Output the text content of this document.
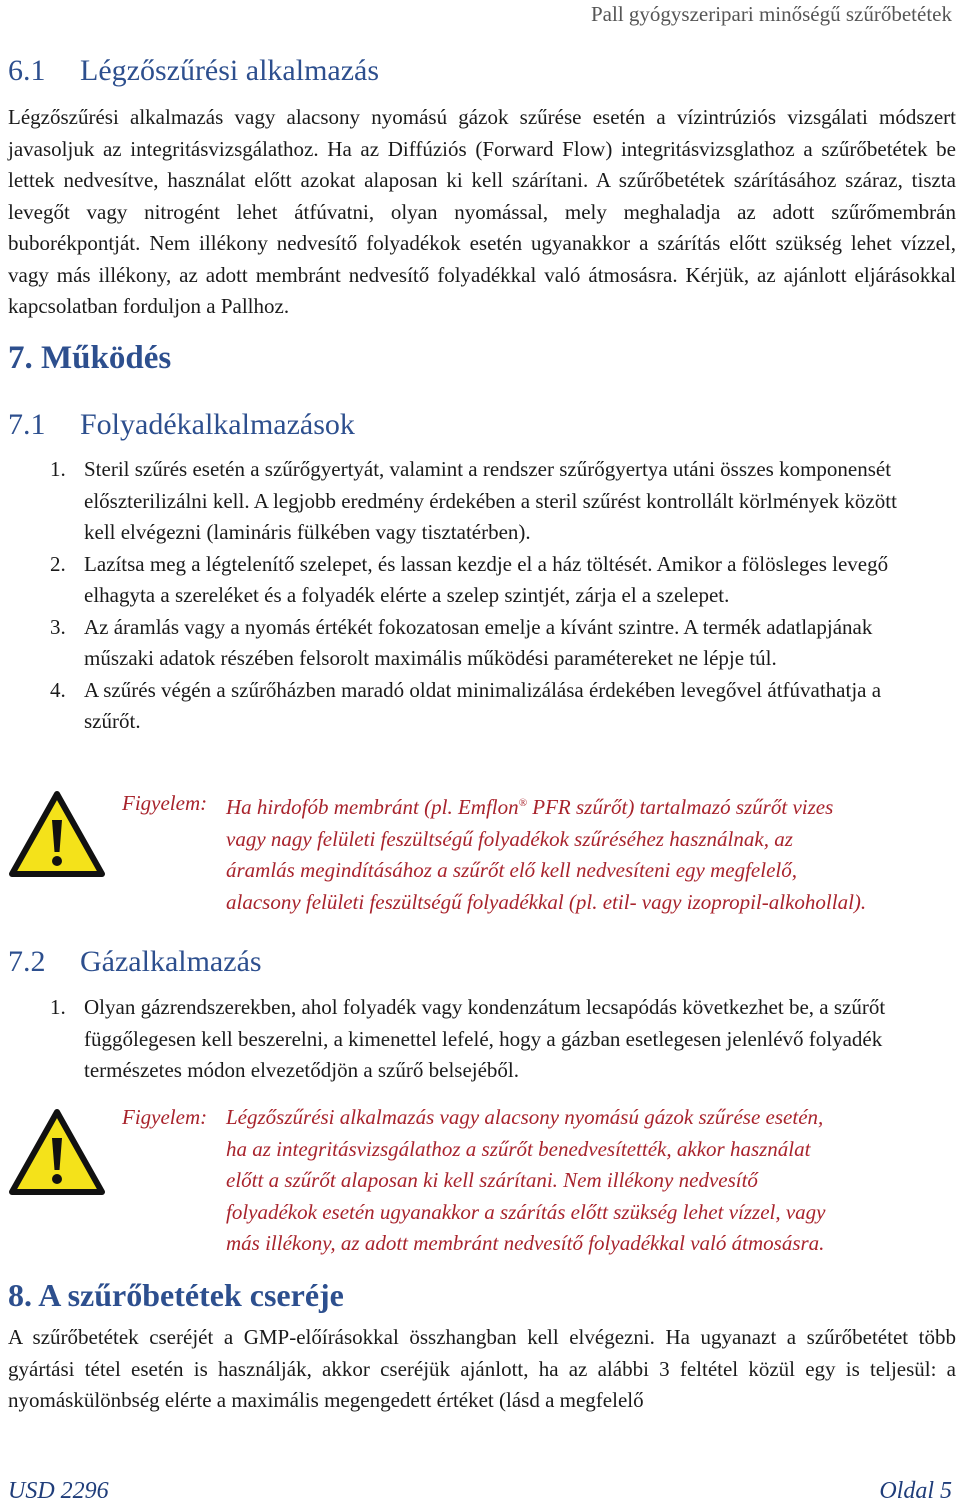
Pall gyógyszeripari minőségű szűrőbetétek
6.1 Légzőszűrési alkalmazás
Légzőszűrési alkalmazás vagy alacsony nyomású gázok szűrése esetén a vízintrúziós vizsgálati módszert javasoljuk az integritásvizsgálathoz. Ha az Diffúziós (Forward Flow) integritásvizsglathoz a szűrőbetétek be lettek nedvesítve, használat előtt azokat alaposan ki kell szárítani. A szűrőbetétek szárításához száraz, tiszta levegőt vagy nitrogént lehet átfúvatni, olyan nyomással, mely meghaladja az adott szűrőmembrán buborékpontját. Nem illékony nedvesítő folyadékok esetén ugyanakkor a szárítás előtt szükség lehet vízzel, vagy más illékony, az adott membránt nedvesítő folyadékkal való átmosásra. Kérjük, az ajánlott eljárásokkal kapcsolatban forduljon a Pallhoz.
7. Működés
7.1 Folyadékalkalmazások
1. Steril szűrés esetén a szűrőgyertyát, valamint a rendszer szűrőgyertya utáni összes komponensét előszterilizálni kell. A legjobb eredmény érdekében a steril szűrést kontrollált körlmények között kell elvégezni (lamináris fülkében vagy tisztatérben).
2. Lazítsa meg a légtelenítő szelepet, és lassan kezdje el a ház töltését. Amikor a fölösleges levegő elhagyta a szereléket és a folyadék elérte a szelep szintjét, zárja el a szelepet.
3. Az áramlás vagy a nyomás értékét fokozatosan emelje a kívánt szintre. A termék adatlapjának műszaki adatok részében felsorolt maximális működési paramétereket ne lépje túl.
4. A szűrés végén a szűrőházben maradó oldat minimalizálása érdekében levegővel átfúvathatja a szűrőt.
Figyelem: Ha hirdofób membránt (pl. Emflon® PFR szűrőt) tartalmazó szűrőt vizes
vagy nagy felületi feszültségű folyadékok szűréséhez használnak, az
áramlás megindításához a szűrőt elő kell nedvesíteni egy megfelelő,
alacsony felületi feszültségű folyadékkal (pl. etil- vagy izopropil-alkohollal).
7.2 Gázalkalmazás
1. Olyan gázrendszerekben, ahol folyadék vagy kondenzátum lecsapódás következhet be, a szűrőt függőlegesen kell beszerelni, a kimenettel lefelé, hogy a gázban esetlegesen jelenlévő folyadék természetes módon elvezetődjön a szűrő belsejéből.
Figyelem: Légzőszűrési alkalmazás vagy alacsony nyomású gázok szűrése esetén,
ha az integritásvizsgálathoz a szűrőt benedvesítették, akkor használat
előtt a szűrőt alaposan ki kell szárítani. Nem illékony nedvesítő
folyadékok esetén ugyanakkor a szárítás előtt szükség lehet vízzel, vagy
más illékony, az adott membránt nedvesítő folyadékkal való átmosásra.
8. A szűrőbetétek cseréje
A szűrőbetétek cseréjét a GMP-előírásokkal összhangban kell elvégezni. Ha ugyanazt a szűrőbetétet több gyártási tétel esetén is használják, akkor cseréjük ajánlott, ha az alábbi 3 feltétel közül egy is teljesül: a nyomáskülönbség elérte a maximális megengedett értéket (lásd a megfelelő
USD 2296	Oldal 5
